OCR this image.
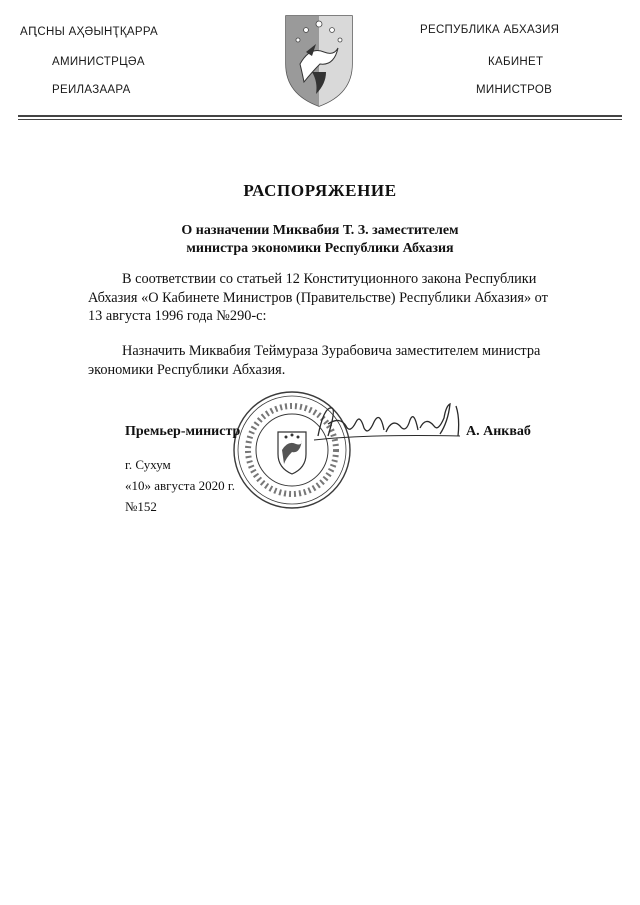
АԤСНЫ АҲӘЫНҬҚАРРА
АМИНИСТРЦӘА
РЕИЛАЗААРА
РЕСПУБЛИКА АБХАЗИЯ
КАБИНЕТ
МИНИСТРОВ
РАСПОРЯЖЕНИЕ
О назначении Миквабия Т. З. заместителем
министра экономики Республики Абхазия
В соответствии со статьей 12 Конституционного закона Республики
Абхазия «О Кабинете Министров (Правительстве) Республики Абхазия» от
13 августа 1996 года №290-с:
Назначить Миквабия Теймураза Зурабовича заместителем министра
экономики Республики Абхазия.
Премьер-министр	А. Анкваб
г. Сухум
«10» августа 2020 г.
№152
